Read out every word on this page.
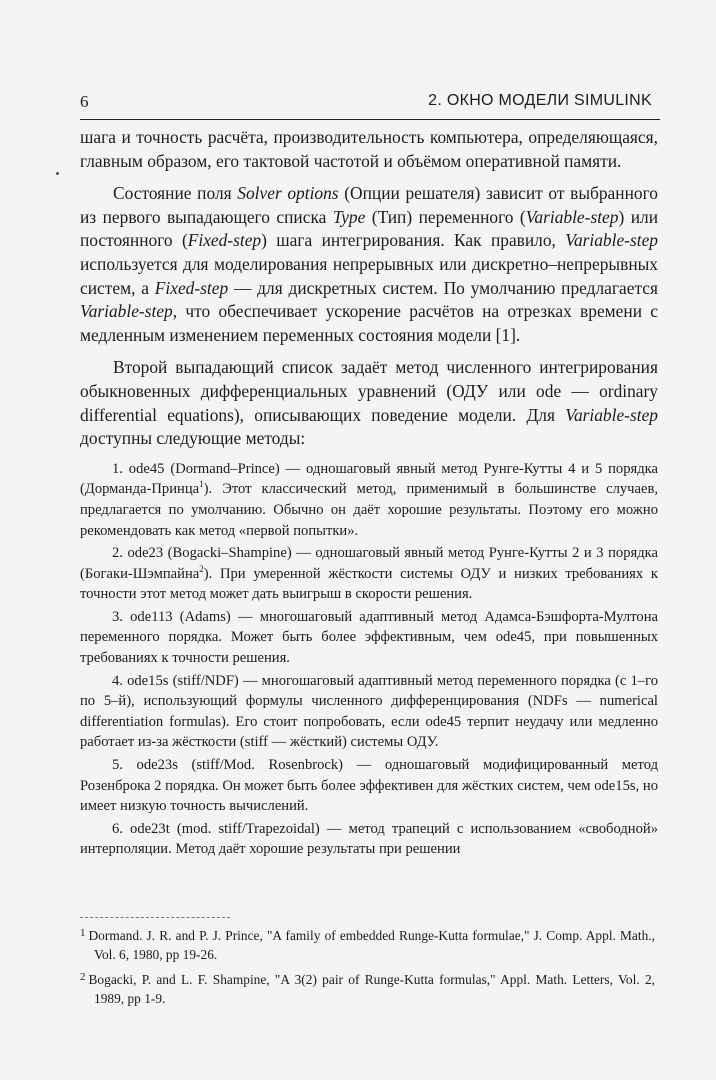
6	2. ОКНО МОДЕЛИ SIMULINK

шага и точность расчёта, производительность компьютера, определяющаяся, главным образом, его тактовой частотой и объёмом оперативной памяти.

Состояние поля Solver options (Опции решателя) зависит от выбранного из первого выпадающего списка Type (Тип) переменного (Variable-step) или постоянного (Fixed-step) шага интегрирования. Как правило, Variable-step используется для моделирования непрерывных или дискретно–непрерывных систем, а Fixed-step — для дискретных систем. По умолчанию предлагается Variable-step, что обеспечивает ускорение расчётов на отрезках времени с медленным изменением переменных состояния модели [1].

Второй выпадающий список задаёт метод численного интегрирования обыкновенных дифференциальных уравнений (ОДУ или ode — ordinary differential equations), описывающих поведение модели. Для Variable-step доступны следующие методы:

1. ode45 (Dormand–Prince) — одношаговый явный метод Рунге-Кутты 4 и 5 порядка (Дорманда-Принца$^1$). Этот классический метод, применимый в большинстве случаев, предлагается по умолчанию. Обычно он даёт хорошие результаты. Поэтому его можно рекомендовать как метод «первой попытки».

2. ode23 (Bogacki–Shampine) — одношаговый явный метод Рунге-Кутты 2 и 3 порядка (Богаки-Шэмпайна$^2$). При умеренной жёсткости системы ОДУ и низких требованиях к точности этот метод может дать выигрыш в скорости решения.

3. ode113 (Adams) — многошаговый адаптивный метод Адамса-Бэшфорта-Мултона переменного порядка. Может быть более эффективным, чем ode45, при повышенных требованиях к точности решения.

4. ode15s (stiff/NDF) — многошаговый адаптивный метод переменного порядка (с 1–го по 5–й), использующий формулы численного дифференцирования (NDFs — numerical differentiation formulas). Его стоит попробовать, если ode45 терпит неудачу или медленно работает из-за жёсткости (stiff — жёсткий) системы ОДУ.

5. ode23s (stiff/Mod. Rosenbrock) — одношаговый модифицированный метод Розенброка 2 порядка. Он может быть более эффективен для жёстких систем, чем ode15s, но имеет низкую точность вычислений.

6. ode23t (mod. stiff/Trapezoidal) — метод трапеций с использованием «свободной» интерполяции. Метод даёт хорошие результаты при решении

$^1$ Dormand. J. R. and P. J. Prince, "A family of embedded Runge-Kutta formulae," J. Comp. Appl. Math., Vol. 6, 1980, pp 19-26.

$^2$ Bogacki, P. and L. F. Shampine, "A 3(2) pair of Runge-Kutta formulas," Appl. Math. Letters, Vol. 2, 1989, pp 1-9.
